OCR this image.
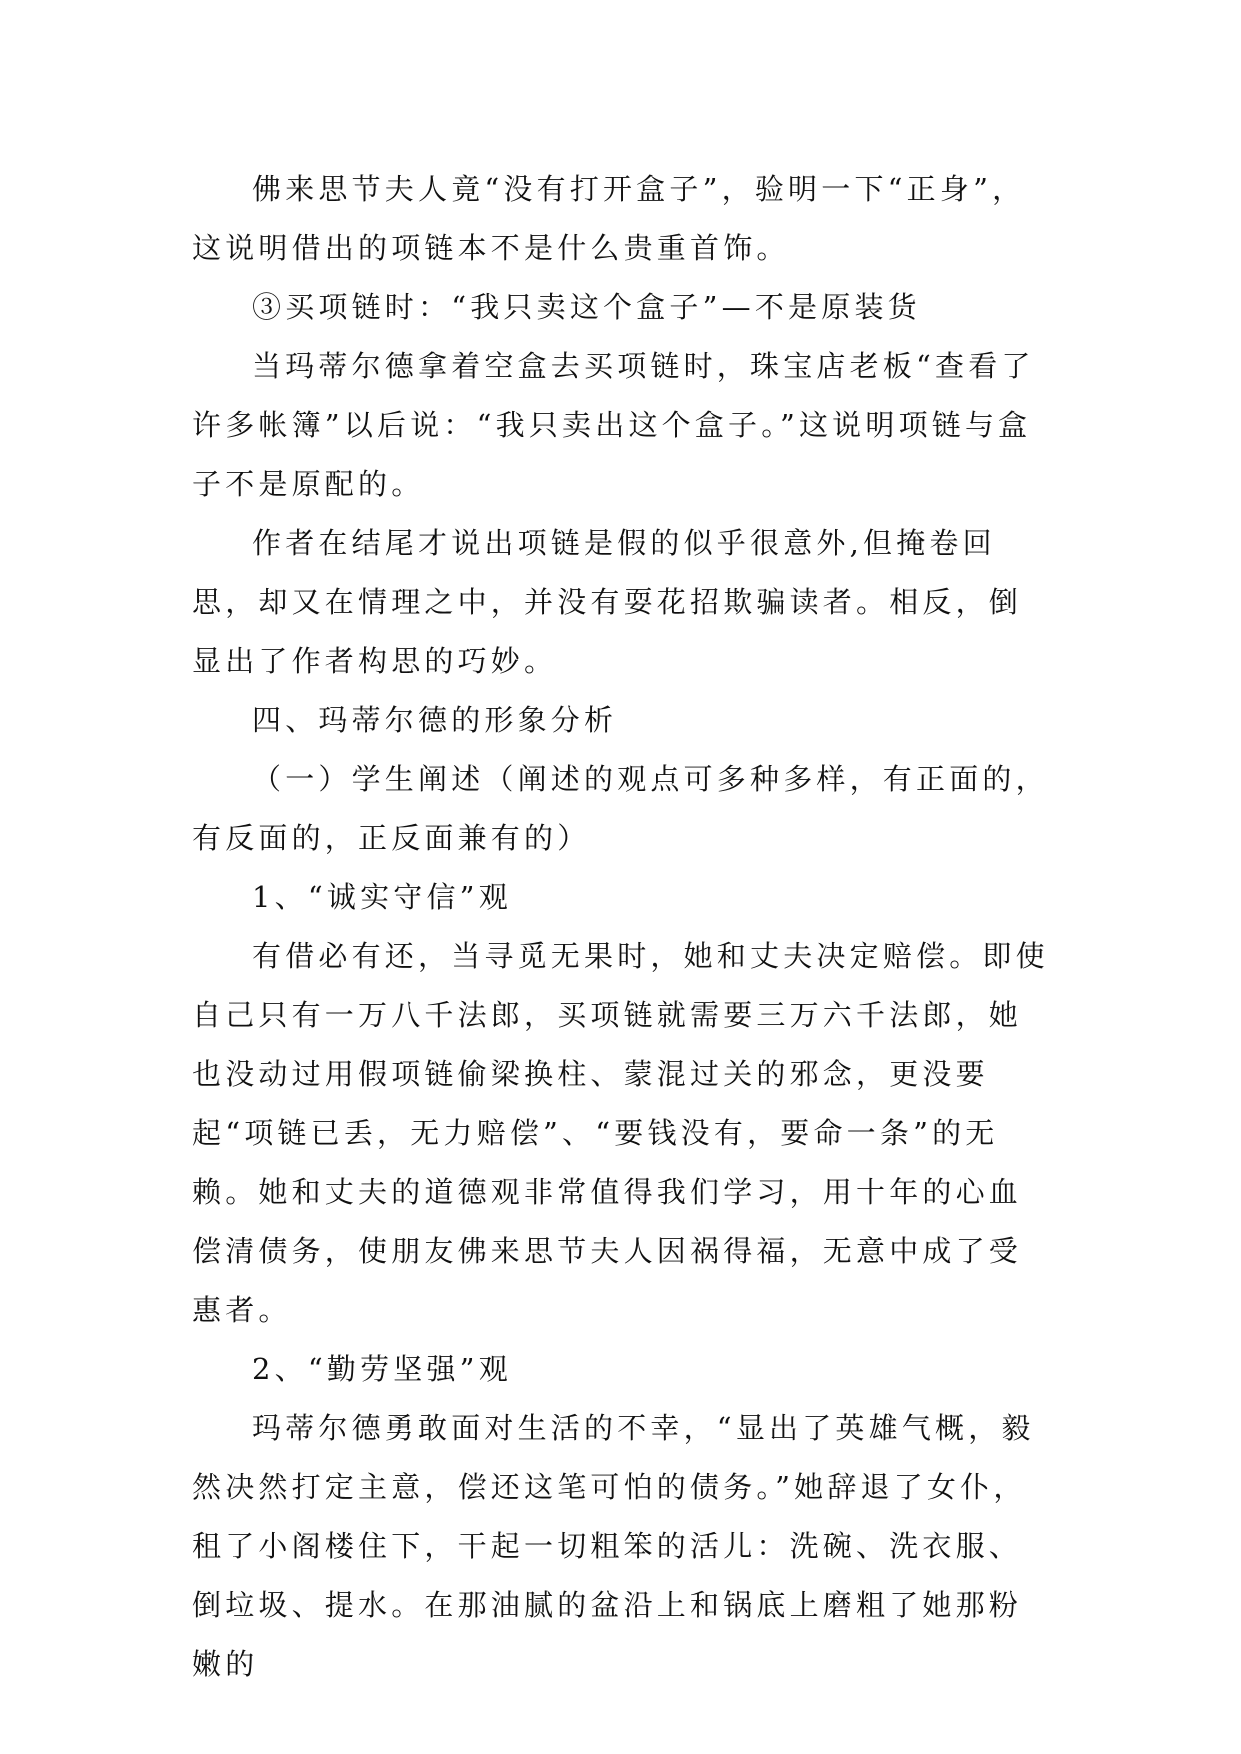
佛来思节夫人竟“没有打开盒子”，验明一下“正身”，这说明借出的项链本不是什么贵重首饰。

③买项链时：“我只卖这个盒子”—不是原装货

当玛蒂尔德拿着空盒去买项链时，珠宝店老板“查看了许多帐簿”以后说：“我只卖出这个盒子。”这说明项链与盒子不是原配的。

作者在结尾才说出项链是假的似乎很意外,但掩卷回思，却又在情理之中，并没有耍花招欺骗读者。相反，倒显出了作者构思的巧妙。

四、玛蒂尔德的形象分析

（一）学生阐述（阐述的观点可多种多样，有正面的，有反面的，正反面兼有的）

1、“诚实守信”观

有借必有还，当寻觅无果时，她和丈夫决定赔偿。即使自己只有一万八千法郎，买项链就需要三万六千法郎，她也没动过用假项链偷梁换柱、蒙混过关的邪念，更没要起“项链已丢，无力赔偿”、“要钱没有，要命一条”的无赖。她和丈夫的道德观非常值得我们学习，用十年的心血偿清债务，使朋友佛来思节夫人因祸得福，无意中成了受惠者。

2、“勤劳坚强”观

玛蒂尔德勇敢面对生活的不幸，“显出了英雄气概，毅然决然打定主意，偿还这笔可怕的债务。”她辞退了女仆，租了小阁楼住下，干起一切粗笨的活儿：洗碗、洗衣服、倒垃圾、提水。在那油腻的盆沿上和锅底上磨粗了她那粉嫩的
